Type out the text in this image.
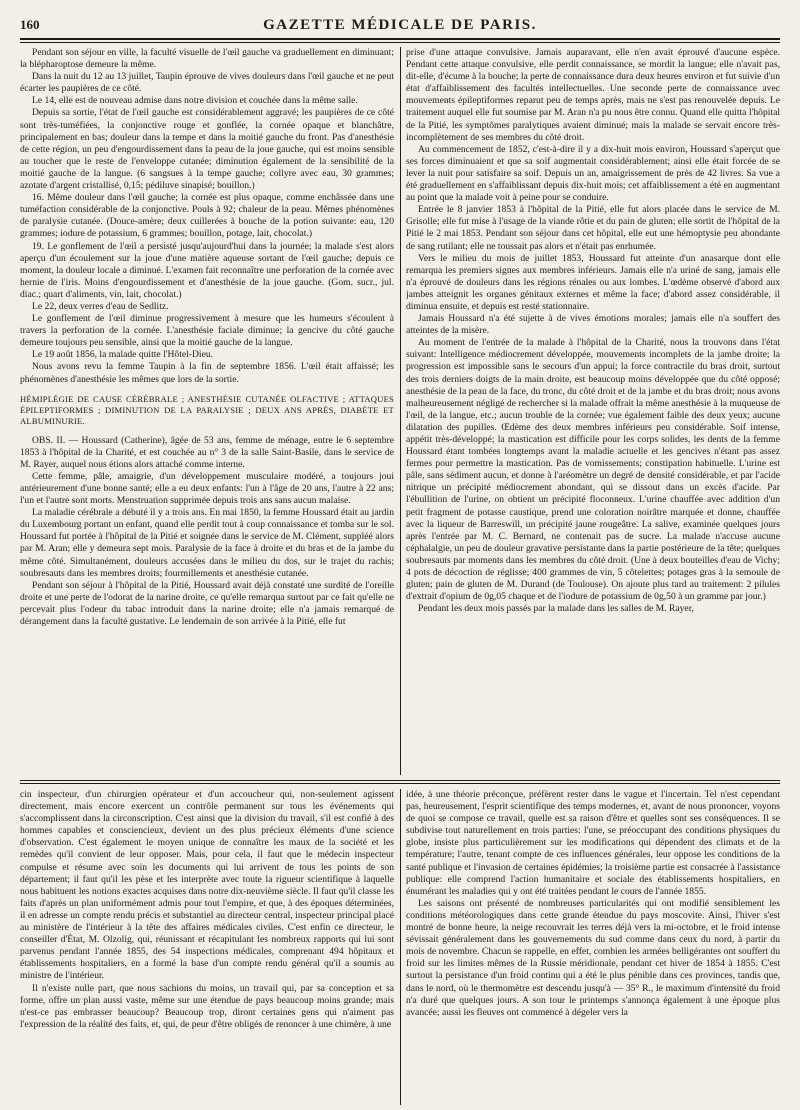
160	GAZETTE MÉDICALE DE PARIS.

Pendant son séjour en ville, la faculté visuelle de l'œil gauche va graduellement en diminuant; la blépharoptose demeure la même.

Dans la nuit du 12 au 13 juillet, Taupin éprouve de vives douleurs dans l'œil gauche et ne peut écarter les paupières de ce côté.

Le 14, elle est de nouveau admise dans notre division et couchée dans la même salle.

Depuis sa sortie, l'état de l'œil gauche est considérablement aggravé; les paupières de ce côté sont très-tuméfiées, la conjonctive rouge et gonflée, la cornée opaque et blanchâtre, principalement en bas; douleur dans la tempe et dans la moitié gauche du front. Pas d'anesthésie de cette région, un peu d'engourdissement dans la peau de la joue gauche, qui est moins sensible au toucher que le reste de l'enveloppe cutanée; diminution également de la sensibilité de la moitié gauche de la langue. (6 sangsues à la tempe gauche; collyre avec eau, 30 grammes; azotate d'argent cristallisé, 0,15; pédiluve sinapisé; bouillon.)

16. Même douleur dans l'œil gauche; la cornée est plus opaque, comme enchâssée dans une tuméfaction considérable de la conjonctive. Pouls à 92; chaleur de la peau. Mêmes phénomènes de paralysie cutanée. (Douce-amère; deux cuillerées à bouche de la potion suivante: eau, 120 grammes; iodure de potassium, 6 grammes; bouillon, potage, lait, chocolat.)

19. Le gonflement de l'œil a persisté jusqu'aujourd'hui dans la journée; la malade s'est alors aperçu d'un écoulement sur la joue d'une matière aqueuse sortant de l'œil gauche; depuis ce moment, la douleur locale a diminué. L'examen fait reconnaître une perforation de la cornée avec hernie de l'iris. Moins d'engourdissement et d'anesthésie de la joue gauche. (Gom. sucr., jul. diac.; quart d'aliments, vin, lait, chocolat.)

Le 22, deux verres d'eau de Sedlitz.

Le gonflement de l'œil diminue progressivement à mesure que les humeurs s'écoulent à travers la perforation de la cornée. L'anesthésie faciale diminue; la gencive du côté gauche demeure toujours peu sensible, ainsi que la moitié gauche de la langue.

Le 19 août 1856, la malade quitte l'Hôtel-Dieu.

Nous avons revu la femme Taupin à la fin de septembre 1856. L'œil était affaissé; les phénomènes d'anesthésie les mêmes que lors de la sortie.

HÉMIPLÉGIE DE CAUSE CÉRÉBRALE ; ANESTHÉSIE CUTANÉE OLFACTIVE ; ATTAQUES ÉPILEPTIFORMES ; DIMINUTION DE LA PARALYSIE ; DEUX ANS APRÈS, DIABÈTE ET ALBUMINURIE.

OBS. II. — Houssard (Catherine), âgée de 53 ans, femme de ménage, entre le 6 septembre 1853 à l'hôpital de la Charité, et est couchée au n° 3 de la salle Saint-Basile, dans le service de M. Rayer, auquel nous étions alors attaché comme interne.

Cette femme, pâle, amaigrie, d'un développement musculaire modéré, a toujours joui antérieurement d'une bonne santé; elle a eu deux enfants: l'un à l'âge de 20 ans, l'autre à 22 ans; l'un et l'autre sont morts. Menstruation supprimée depuis trois ans sans aucun malaise.

La maladie cérébrale a débuté il y a trois ans. En mai 1850, la femme Houssard était au jardin du Luxembourg portant un enfant, quand elle perdit tout à coup connaissance et tomba sur le sol. Houssard fut portée à l'hôpital de la Pitié et soignée dans le service de M. Clément, suppléé alors par M. Aran; elle y demeura sept mois. Paralysie de la face à droite et du bras et de la jambe du même côté. Simultanément, douleurs accusées dans le milieu du dos, sur le trajet du rachis; soubresauts dans les membres droits; fourmillements et anesthésie cutanée.

Pendant son séjour à l'hôpital de la Pitié, Houssard avait déjà constaté une surdité de l'oreille droite et une perte de l'odorat de la narine droite, ce qu'elle remarqua surtout par ce fait qu'elle ne percevait plus l'odeur du tabac introduit dans la narine droite; elle n'a jamais remarqué de dérangement dans la faculté gustative. Le lendemain de son arrivée à la Pitié, elle fut

prise d'une attaque convulsive. Jamais auparavant, elle n'en avait éprouvé d'aucune espèce. Pendant cette attaque convulsive, elle perdit connaissance, se mordit la langue; elle n'avait pas, dit-elle, d'écume à la bouche; la perte de connaissance dura deux heures environ et fut suivie d'un état d'affaiblissement des facultés intellectuelles. Une seconde perte de connaissance avec mouvements épileptiformes reparut peu de temps après, mais ne s'est pas renouvelée depuis. Le traitement auquel elle fut soumise par M. Aran n'a pu nous être connu. Quand elle quitta l'hôpital de la Pitié, les symptômes paralytiques avaient diminué; mais la malade se servait encore très-incomplètement de ses membres du côté droit.

Au commencement de 1852, c'est-à-dire il y a dix-huit mois environ, Houssard s'aperçut que ses forces diminuaient et que sa soif augmentait considérablement; ainsi elle était forcée de se lever la nuit pour satisfaire sa soif. Depuis un an, amaigrissement de près de 42 livres. Sa vue a été graduellement en s'affaiblissant depuis dix-huit mois; cet affaiblissement a été en augmentant au point que la malade voit à peine pour se conduire.

Entrée le 8 janvier 1853 à l'hôpital de la Pitié, elle fut alors placée dans le service de M. Grisolle; elle fut mise à l'usage de la viande rôtie et du pain de gluten; elle sortit de l'hôpital de la Pitié le 2 mai 1853. Pendant son séjour dans cet hôpital, elle eut une hémoptysie peu abondante de sang rutilant; elle ne toussait pas alors et n'était pas enrhumée.

Vers le milieu du mois de juillet 1853, Houssard fut atteinte d'un anasarque dont elle remarqua les premiers signes aux membres inférieurs. Jamais elle n'a uriné de sang, jamais elle n'a éprouvé de douleurs dans les régions rénales ou aux lombes. L'œdème observé d'abord aux jambes atteignit les organes génitaux externes et même la face; d'abord assez considérable, il diminua ensuite, et depuis est resté stationnaire.

Jamais Houssard n'a été sujette à de vives émotions morales; jamais elle n'a souffert des atteintes de la misère.

Au moment de l'entrée de la malade à l'hôpital de la Charité, nous la trouvons dans l'état suivant: Intelligence médiocrement développée, mouvements incomplets de la jambe droite; la progression est impossible sans le secours d'un appui; la force contractile du bras droit, surtout des trois derniers doigts de la main droite, est beaucoup moins développée que du côté opposé; anesthésie de la peau de la face, du tronc, du côté droit et de la jambe et du bras droit; nous avons malheureusement négligé de rechercher si la malade offrait la même anesthésie à la muqueuse de l'œil, de la langue, etc.; aucun trouble de la cornée; vue également faible des deux yeux; aucune dilatation des pupilles. Œdème des deux membres inférieurs peu considérable. Soif intense, appétit très-développé; la mastication est difficile pour les corps solides, les dents de la femme Houssard étant tombées longtemps avant la maladie actuelle et les gencives n'étant pas assez fermes pour permettre la mastication. Pas de vomissements; constipation habituelle. L'urine est pâle, sans sédiment aucun, et donne à l'aréomètre un degré de densité considérable, et par l'acide nitrique un précipité médiocrement abondant, qui se dissout dans un excès d'acide. Par l'ébullition de l'urine, on obtient un précipité floconneux. L'urine chauffée avec addition d'un petit fragment de potasse caustique, prend une coloration noirâtre marquée et donne, chauffée avec la liqueur de Barreswill, un précipité jaune rougeâtre. La salive, examinée quelques jours après l'entrée par M. C. Bernard, ne contenait pas de sucre. La malade n'accuse aucune céphalalgie, un peu de douleur gravative persistante dans la partie postérieure de la tête; quelques soubresauts par moments dans les membres du côté droit. (Une à deux bouteilles d'eau de Vichy; 4 pots de décoction de réglisse; 400 grammes de vin, 5 côtelettes; potages gras à la semoule de gluten; pain de gluten de M. Durand (de Toulouse). On ajoute plus tard au traitement: 2 pilules d'extrait d'opium de 0g,05 chaque et de l'iodure de potassium de 0g,50 à un gramme par jour.)

Pendant les deux mois passés par la malade dans les salles de M. Rayer,

cin inspecteur, d'un chirurgien opérateur et d'un accoucheur qui, non-seulement agissent directement, mais encore exercent un contrôle permanent sur tous les événements qui s'accomplissent dans la circonscription. C'est ainsi que la division du travail, s'il est confié à des hommes capables et consciencieux, devient un des plus précieux éléments d'une science d'observation. C'est également le moyen unique de connaître les maux de la société et les remèdes qu'il convient de leur opposer. Mais, pour cela, il faut que le médecin inspecteur compulse et résume avec soin les documents qui lui arrivent de tous les points de son département; il faut qu'il les pèse et les interprète avec toute la rigueur scientifique à laquelle nous habituent les notions exactes acquises dans notre dix-neuvième siècle. Il faut qu'il classe les faits d'après un plan uniformément admis pour tout l'empire, et que, à des époques déterminées, il en adresse un compte rendu précis et substantiel au directeur central, inspecteur principal placé au ministère de l'intérieur à la tête des affaires médicales civiles. C'est enfin ce directeur, le conseiller d'État, M. Olzolig, qui, réunissant et récapitulant les nombreux rapports qui lui sont parvenus pendant l'année 1855, des 54 inspections médicales, comprenant 494 hôpitaux et établissements hospitaliers, en a formé la base d'un compte rendu général qu'il a soumis au ministre de l'intérieur.

Il n'existe nulle part, que nous sachions du moins, un travail qui, par sa conception et sa forme, offre un plan aussi vaste, même sur une étendue de pays beaucoup moins grande; mais n'est-ce pas embrasser beaucoup? Beaucoup trop, diront certaines gens qui n'aiment pas l'expression de la réalité des faits, et, qui, de peur d'être obligés de renoncer à une chimère, à une

idée, à une théorie préconçue, préfèrent rester dans le vague et l'incertain. Tel n'est cependant pas, heureusement, l'esprit scientifique des temps modernes, et, avant de nous prononcer, voyons de quoi se compose ce travail, quelle est sa raison d'être et quelles sont ses conséquences. Il se subdivise tout naturellement en trois parties: l'une, se préoccupant des conditions physiques du globe, insiste plus particulièrement sur les modifications qui dépendent des climats et de la température; l'autre, tenant compte de ces influences générales, leur oppose les conditions de la santé publique et l'invasion de certaines épidémies; la troisième partie est consacrée à l'assistance publique: elle comprend l'action humanitaire et sociale des établissements hospitaliers, en énumérant les maladies qui y ont été traitées pendant le cours de l'année 1855.

Les saisons ont présenté de nombreuses particularités qui ont modifié sensiblement les conditions météorologiques dans cette grande étendue du pays moscovite. Ainsi, l'hiver s'est montré de bonne heure, la neige recouvrait les terres déjà vers la mi-octobre, et le froid intense sévissait généralement dans les gouvernements du sud comme dans ceux du nord, à partir du mois de novembre. Chacun se rappelle, en effet, combien les armées belligérantes ont souffert du froid sur les limites mêmes de la Russie méridionale, pendant cet hiver de 1854 à 1855. C'est surtout la persistance d'un froid continu qui a été le plus pénible dans ces provinces, tandis que, dans le nord, où le thermomètre est descendu jusqu'à — 35° R., le maximum d'intensité du froid n'a duré que quelques jours. A son tour le printemps s'annonça également à une époque plus avancée; aussi les fleuves ont commencé à dégeler vers la
